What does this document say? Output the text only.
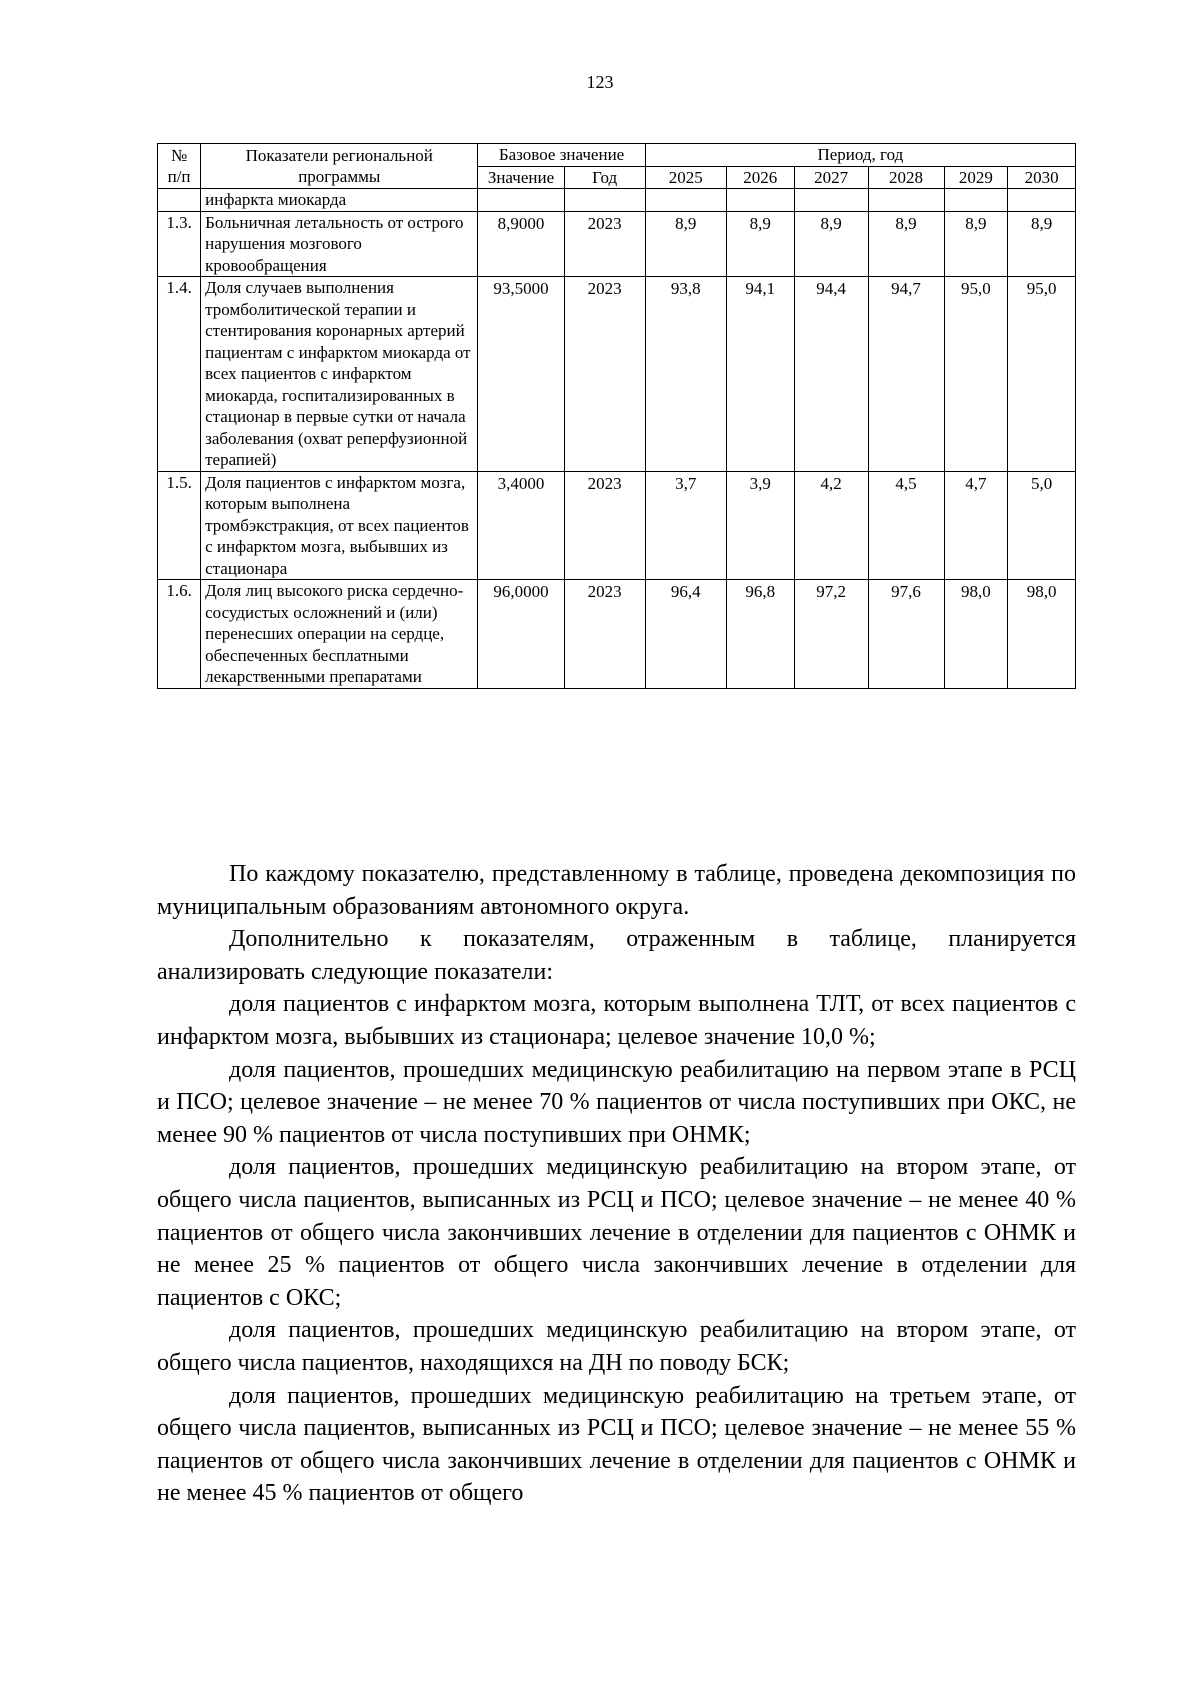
123
№ п/п	Показатели региональной программы	Базовое значение		Период, год					
		Значение	Год	2025	2026	2027	2028	2029	2030
	инфаркта миокарда								
1.3.	Больничная летальность от острого нарушения мозгового кровообращения	8,9000	2023	8,9	8,9	8,9	8,9	8,9	8,9
1.4.	Доля случаев выполнения тромболитической терапии и стентирования коронарных артерий пациентам с инфарктом миокарда от всех пациентов с инфарктом миокарда, госпитализированных в стационар в первые сутки от начала заболевания (охват реперфузионной терапией)	93,5000	2023	93,8	94,1	94,4	94,7	95,0	95,0
1.5.	Доля пациентов с инфарктом мозга, которым выполнена тромбэкстракция, от всех пациентов с инфарктом мозга, выбывших из стационара	3,4000	2023	3,7	3,9	4,2	4,5	4,7	5,0
1.6.	Доля лиц высокого риска сердечно-сосудистых осложнений и (или) перенесших операции на сердце, обеспеченных бесплатными лекарственными препаратами	96,0000	2023	96,4	96,8	97,2	97,6	98,0	98,0

По каждому показателю, представленному в таблице, проведена декомпозиция по муниципальным образованиям автономного округа.

Дополнительно к показателям, отраженным в таблице, планируется анализировать следующие показатели:

доля пациентов с инфарктом мозга, которым выполнена ТЛТ, от всех пациентов с инфарктом мозга, выбывших из стационара; целевое значение 10,0 %;

доля пациентов, прошедших медицинскую реабилитацию на первом этапе в РСЦ и ПСО; целевое значение – не менее 70 % пациентов от числа поступивших при ОКС, не менее 90 % пациентов от числа поступивших при ОНМК;

доля пациентов, прошедших медицинскую реабилитацию на втором этапе, от общего числа пациентов, выписанных из РСЦ и ПСО; целевое значение – не менее 40 % пациентов от общего числа закончивших лечение в отделении для пациентов с ОНМК и не менее 25 % пациентов от общего числа закончивших лечение в отделении для пациентов с ОКС;

доля пациентов, прошедших медицинскую реабилитацию на втором этапе, от общего числа пациентов, находящихся на ДН по поводу БСК;

доля пациентов, прошедших медицинскую реабилитацию на третьем этапе, от общего числа пациентов, выписанных из РСЦ и ПСО; целевое значение – не менее 55 % пациентов от общего числа закончивших лечение в отделении для пациентов с ОНМК и не менее 45 % пациентов от общего
